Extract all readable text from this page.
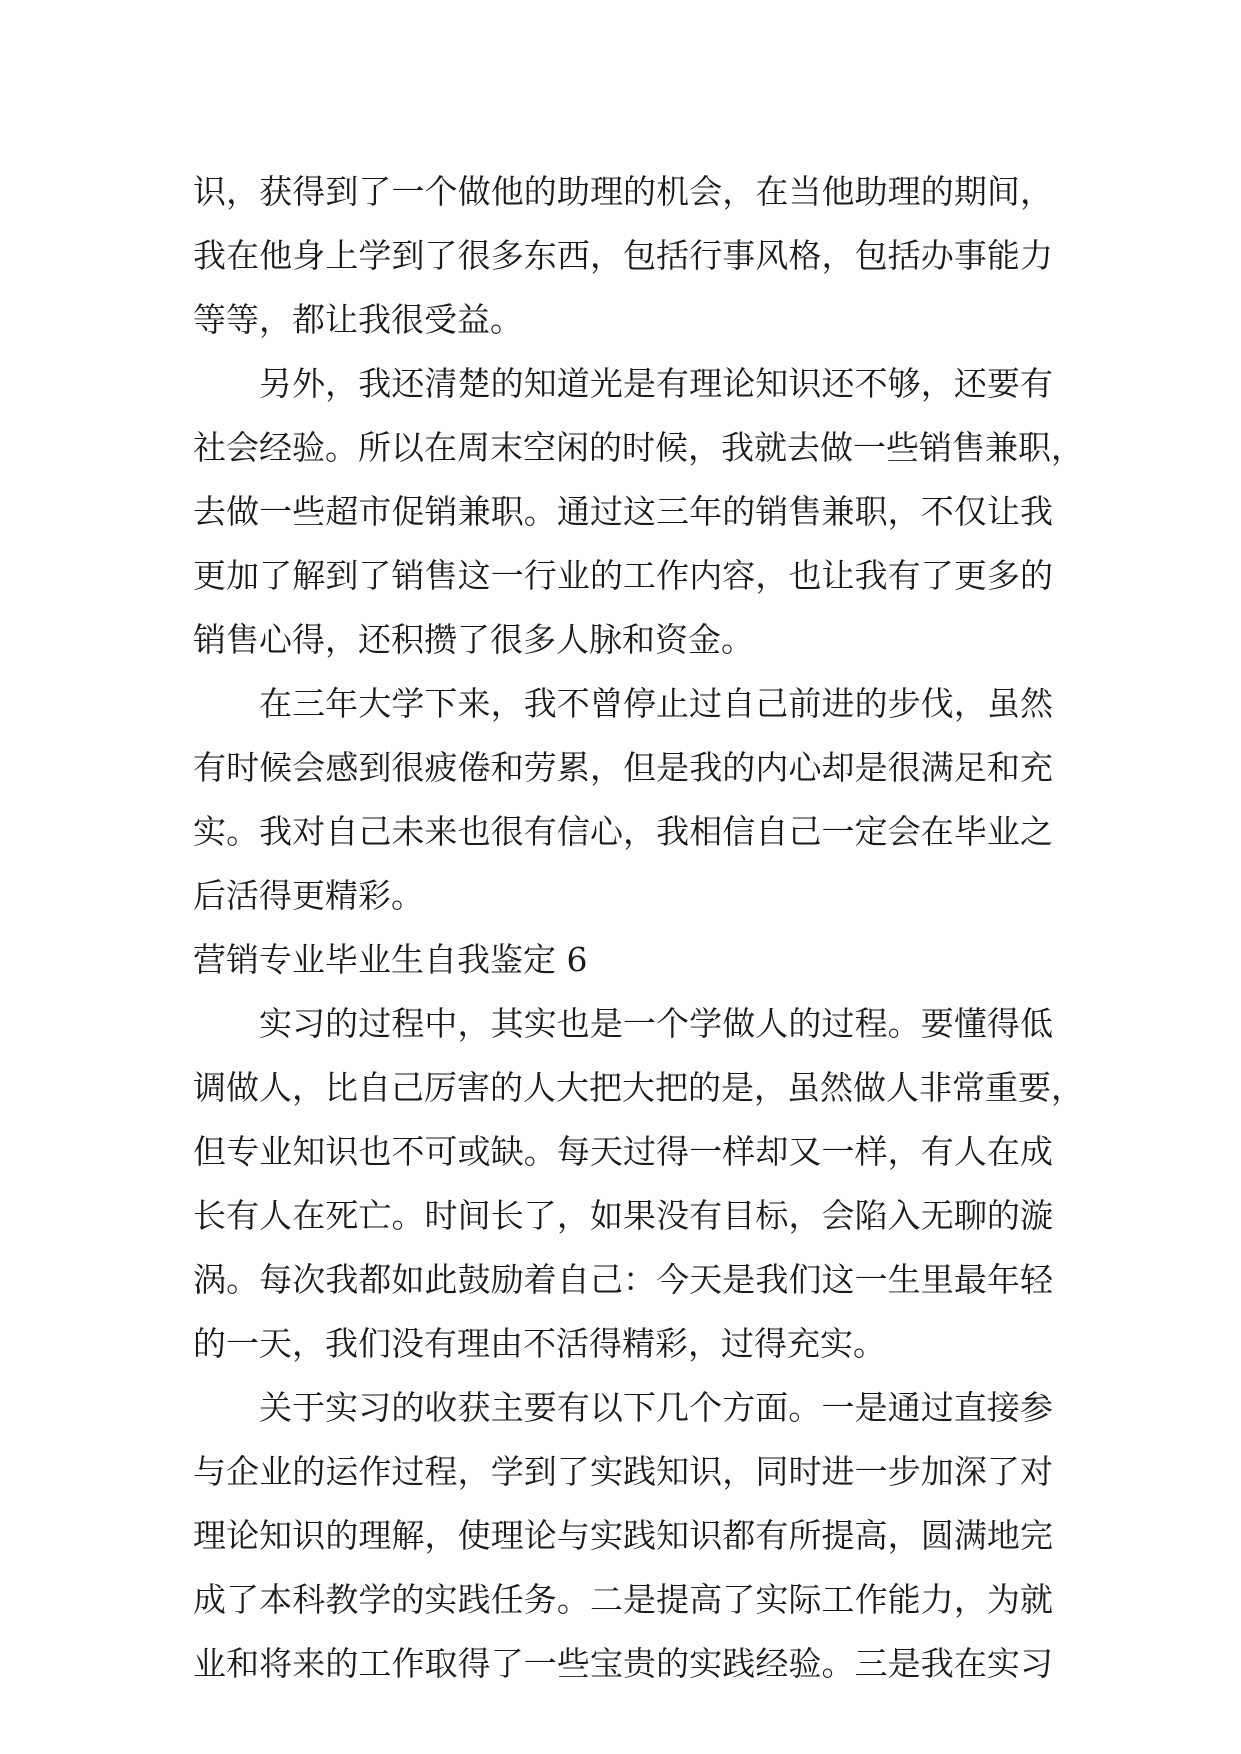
识，获得到了一个做他的助理的机会，在当他助理的期间，
我在他身上学到了很多东西，包括行事风格，包括办事能力
等等，都让我很受益。
另外，我还清楚的知道光是有理论知识还不够，还要有
社会经验。所以在周末空闲的时候，我就去做一些销售兼职，
去做一些超市促销兼职。通过这三年的销售兼职，不仅让我
更加了解到了销售这一行业的工作内容，也让我有了更多的
销售心得，还积攒了很多人脉和资金。
在三年大学下来，我不曾停止过自己前进的步伐，虽然
有时候会感到很疲倦和劳累，但是我的内心却是很满足和充
实。我对自己未来也很有信心，我相信自己一定会在毕业之
后活得更精彩。
营销专业毕业生自我鉴定 6
实习的过程中，其实也是一个学做人的过程。要懂得低
调做人，比自己厉害的人大把大把的是，虽然做人非常重要，
但专业知识也不可或缺。每天过得一样却又一样，有人在成
长有人在死亡。时间长了，如果没有目标，会陷入无聊的漩
涡。每次我都如此鼓励着自己：今天是我们这一生里最年轻
的一天，我们没有理由不活得精彩，过得充实。
关于实习的收获主要有以下几个方面。一是通过直接参
与企业的运作过程，学到了实践知识，同时进一步加深了对
理论知识的理解，使理论与实践知识都有所提高，圆满地完
成了本科教学的实践任务。二是提高了实际工作能力，为就
业和将来的工作取得了一些宝贵的实践经验。三是我在实习
